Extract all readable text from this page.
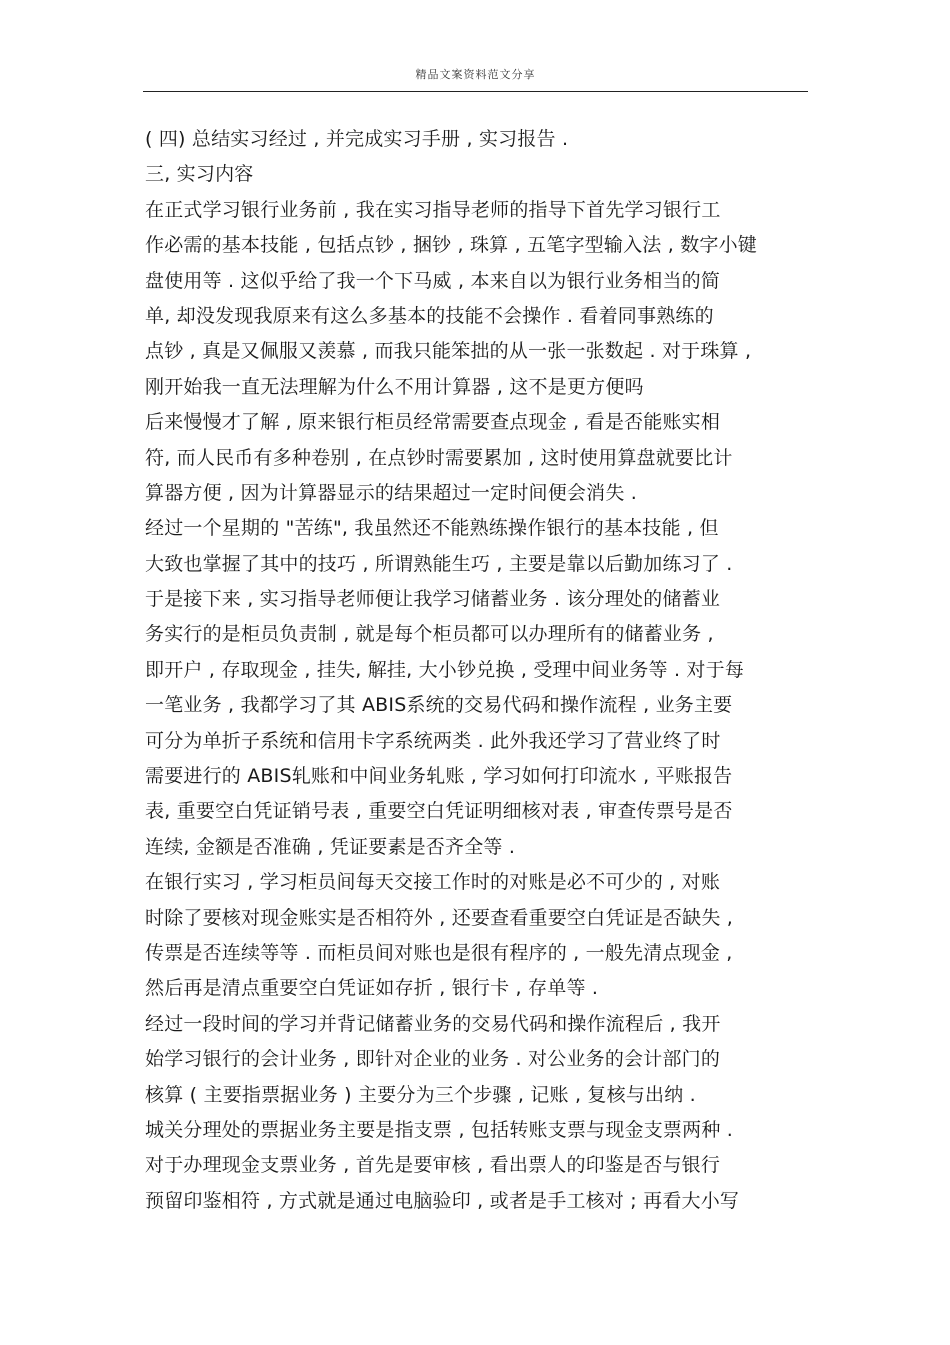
精品文案资料范文分享
( 四) 总结实习经过 , 并完成实习手册 , 实习报告 .
三, 实习内容
在正式学习银行业务前 , 我在实习指导老师的指导下首先学习银行工
作必需的基本技能 , 包括点钞 , 捆钞 , 珠算 , 五笔字型输入法 , 数字小键
盘使用等 . 这似乎给了我一个下马威 , 本来自以为银行业务相当的简
单, 却没发现我原来有这么多基本的技能不会操作 . 看着同事熟练的
点钞 , 真是又佩服又羡慕 , 而我只能笨拙的从一张一张数起 . 对于珠算 ,
刚开始我一直无法理解为什么不用计算器 , 这不是更方便吗
后来慢慢才了解 , 原来银行柜员经常需要查点现金 , 看是否能账实相
符, 而人民币有多种卷别 , 在点钞时需要累加 , 这时使用算盘就要比计
算器方便 , 因为计算器显示的结果超过一定时间便会消失 .
经过一个星期的 "苦练", 我虽然还不能熟练操作银行的基本技能 , 但
大致也掌握了其中的技巧 , 所谓熟能生巧 , 主要是靠以后勤加练习了 .
于是接下来 , 实习指导老师便让我学习储蓄业务 . 该分理处的储蓄业
务实行的是柜员负责制 , 就是每个柜员都可以办理所有的储蓄业务 ,
即开户 , 存取现金 , 挂失, 解挂, 大小钞兑换 , 受理中间业务等 . 对于每
一笔业务 , 我都学习了其 ABIS系统的交易代码和操作流程 , 业务主要
可分为单折子系统和信用卡字系统两类 . 此外我还学习了营业终了时
需要进行的 ABIS轧账和中间业务轧账 , 学习如何打印流水 , 平账报告
表, 重要空白凭证销号表 , 重要空白凭证明细核对表 , 审查传票号是否
连续, 金额是否准确 , 凭证要素是否齐全等 .
在银行实习 , 学习柜员间每天交接工作时的对账是必不可少的 , 对账
时除了要核对现金账实是否相符外 , 还要查看重要空白凭证是否缺失 ,
传票是否连续等等 . 而柜员间对账也是很有程序的 , 一般先清点现金 ,
然后再是清点重要空白凭证如存折 , 银行卡 , 存单等 .
经过一段时间的学习并背记储蓄业务的交易代码和操作流程后 , 我开
始学习银行的会计业务 , 即针对企业的业务 . 对公业务的会计部门的
核算 ( 主要指票据业务 ) 主要分为三个步骤 , 记账 , 复核与出纳 .
城关分理处的票据业务主要是指支票 , 包括转账支票与现金支票两种 .
对于办理现金支票业务 , 首先是要审核 , 看出票人的印鉴是否与银行
预留印鉴相符 , 方式就是通过电脑验印 , 或者是手工核对 ; 再看大小写
